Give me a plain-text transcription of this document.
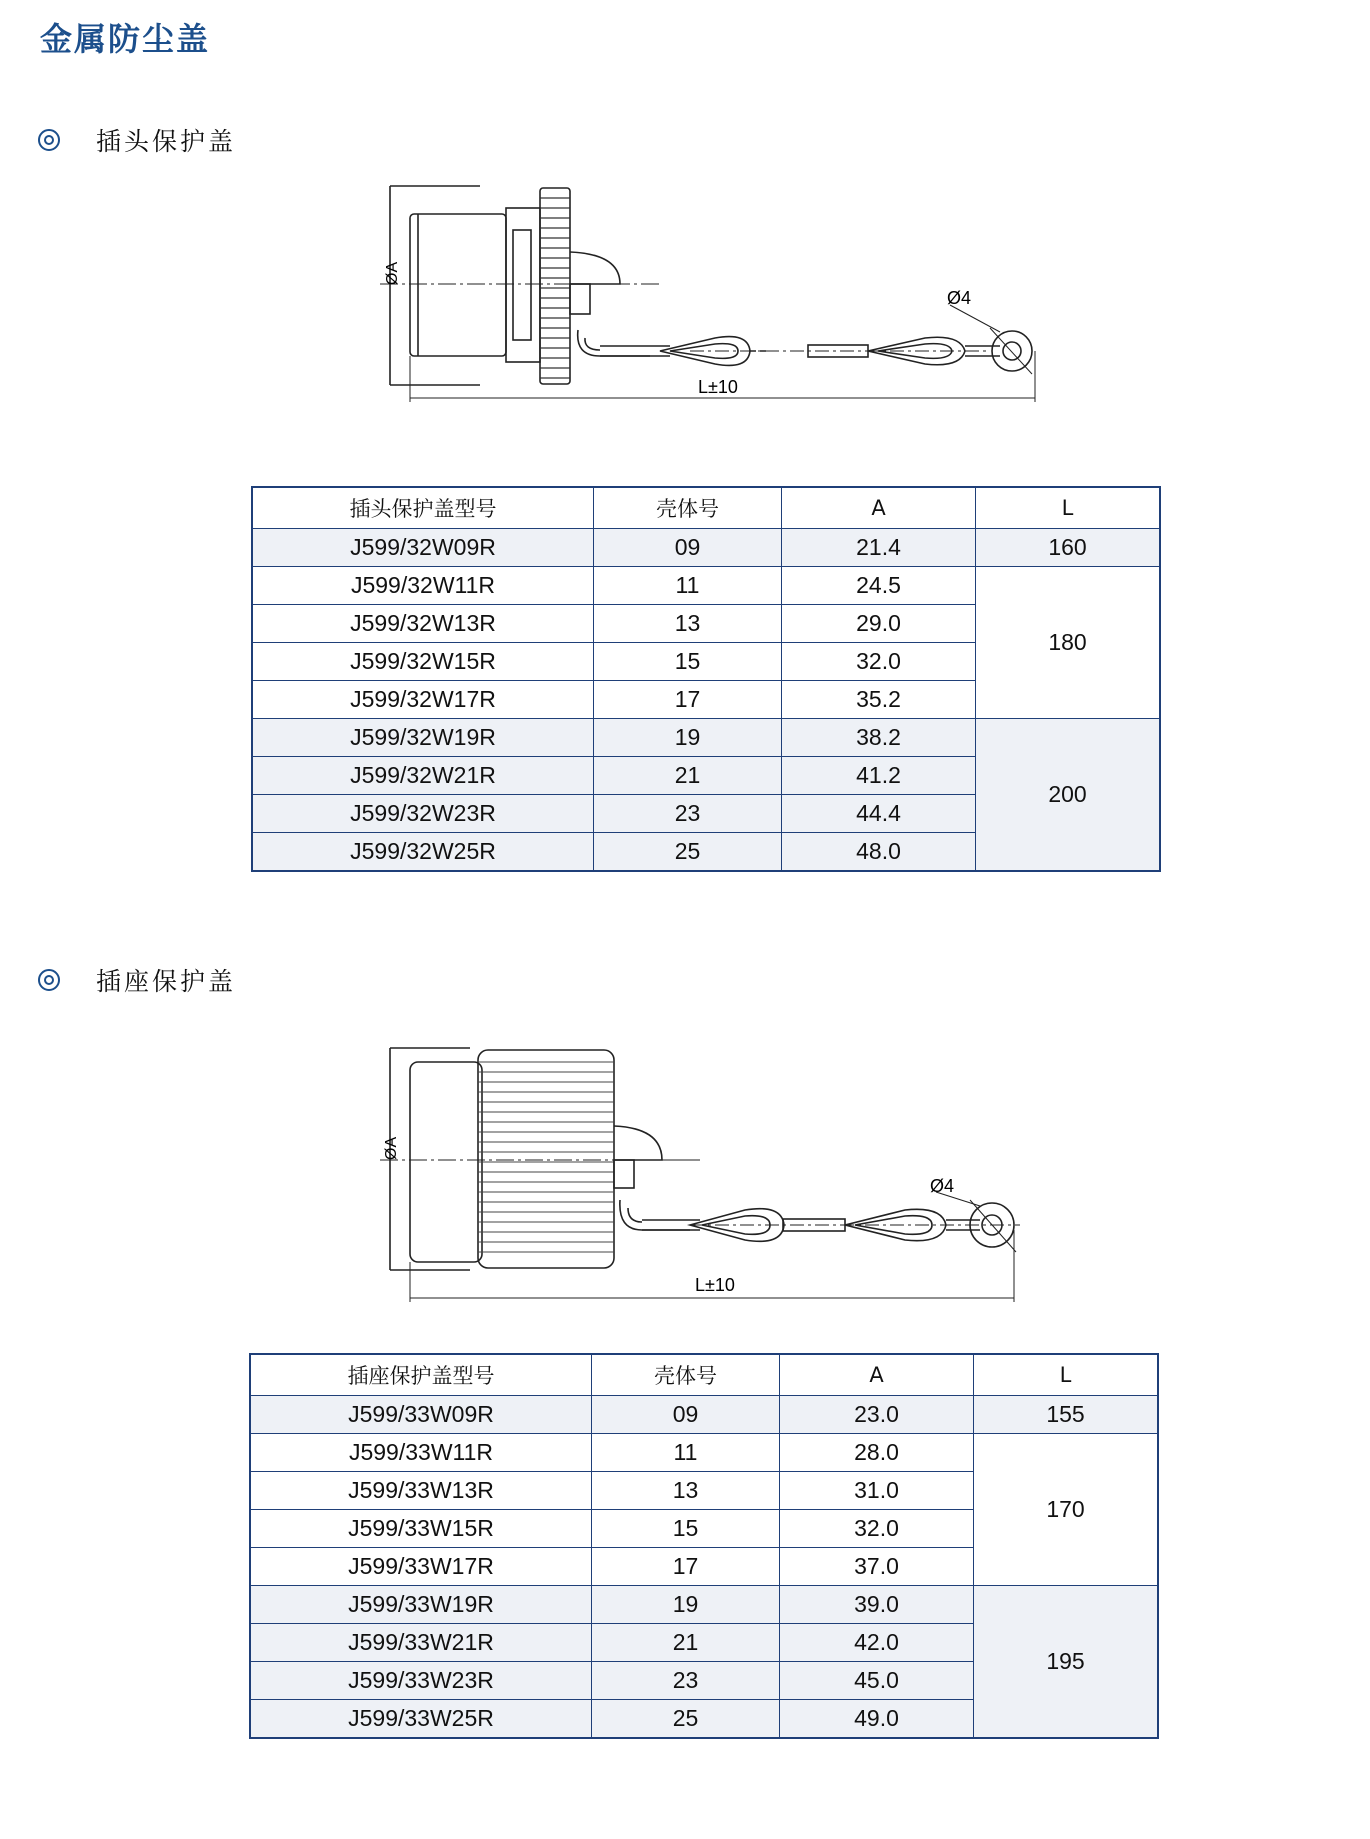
金属防尘盖
插头保护盖
ØA
Ø4
L±10
插头保护盖型号	壳体号	A	L
J599/32W09R	09	21.4	160
J599/32W11R	11	24.5	180
J599/32W13R	13	29.0	
J599/32W15R	15	32.0	
J599/32W17R	17	35.2	
J599/32W19R	19	38.2	200
J599/32W21R	21	41.2	
J599/32W23R	23	44.4	
J599/32W25R	25	48.0	
插座保护盖
ØA
Ø4
L±10
插座保护盖型号	壳体号	A	L
J599/33W09R	09	23.0	155
J599/33W11R	11	28.0	170
J599/33W13R	13	31.0	
J599/33W15R	15	32.0	
J599/33W17R	17	37.0	
J599/33W19R	19	39.0	195
J599/33W21R	21	42.0	
J599/33W23R	23	45.0	
J599/33W25R	25	49.0	
